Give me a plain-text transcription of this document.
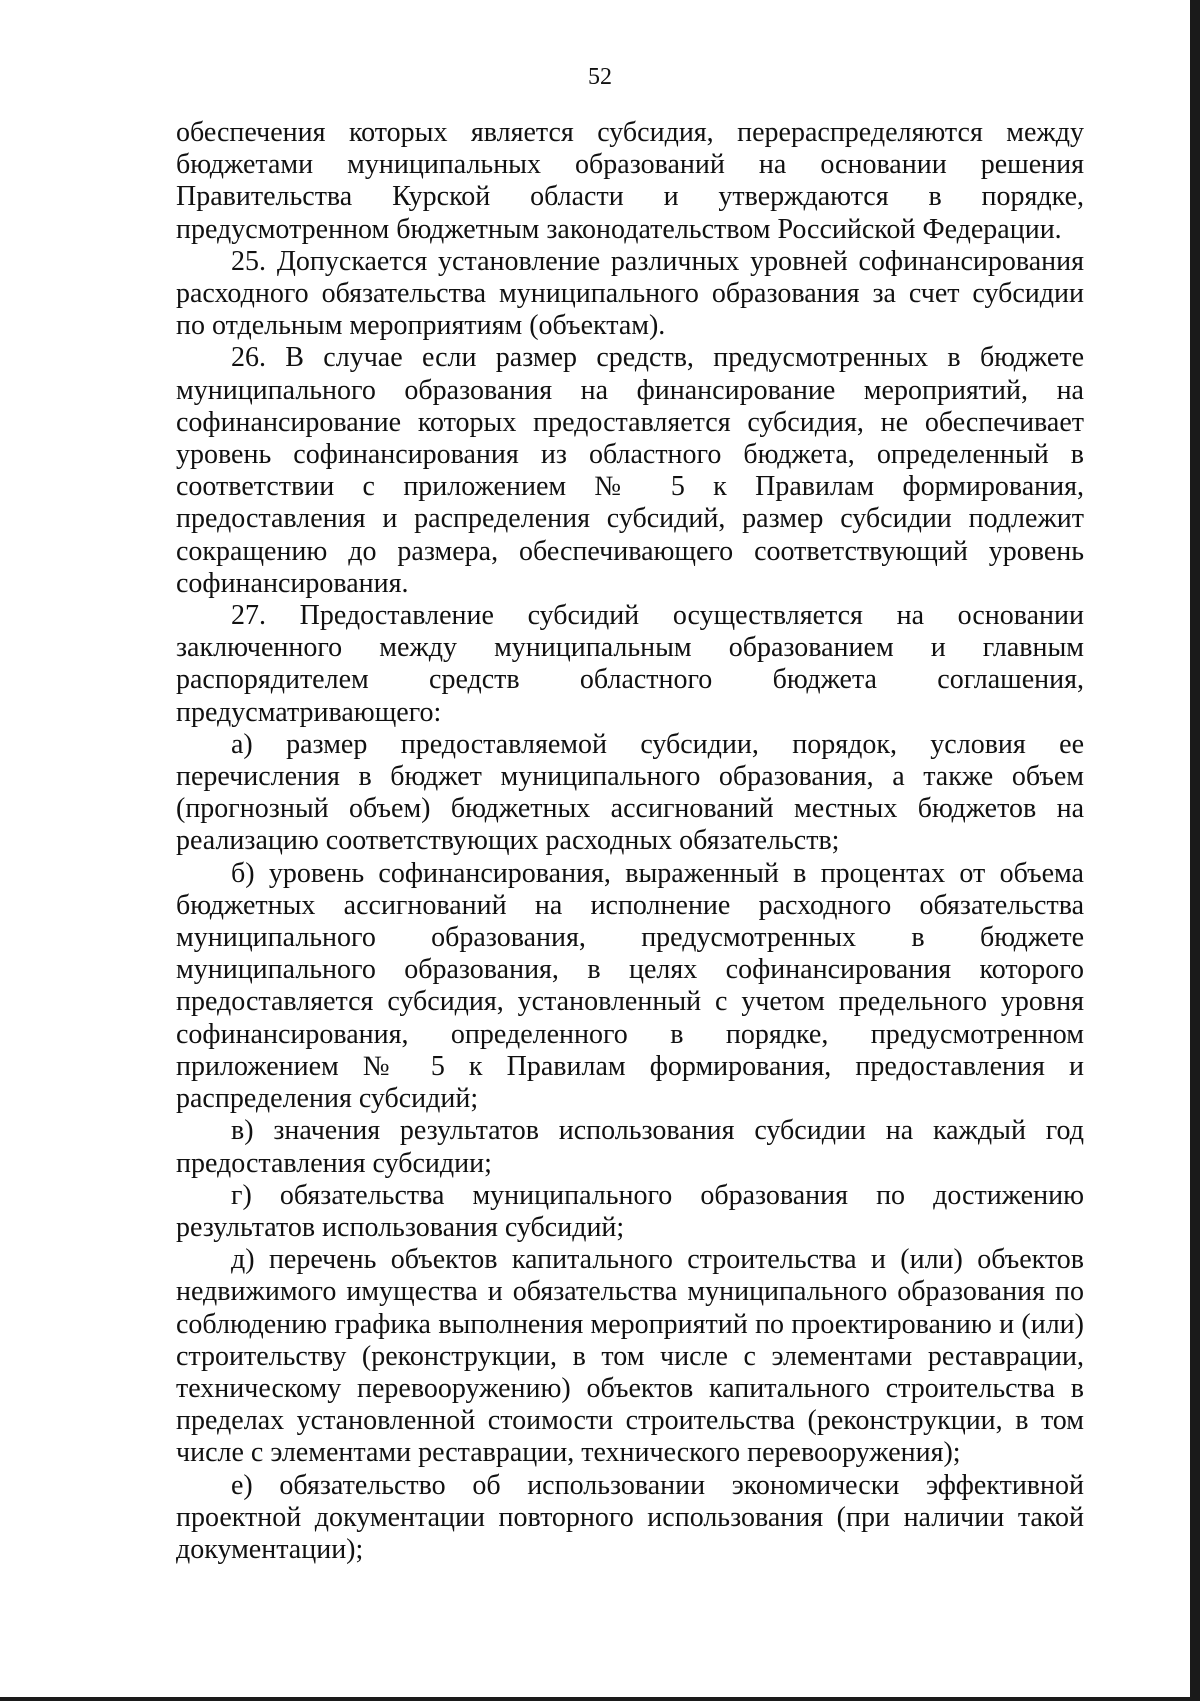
52

обеспечения которых является субсидия, перераспределяются между бюджетами муниципальных образований на основании решения Правительства Курской области и утверждаются в порядке, предусмотренном бюджетным законодательством Российской Федерации.

25. Допускается установление различных уровней софинансирования расходного обязательства муниципального образования за счет субсидии по отдельным мероприятиям (объектам).

26. В случае если размер средств, предусмотренных в бюджете муниципального образования на финансирование мероприятий, на софинансирование которых предоставляется субсидия, не обеспечивает уровень софинансирования из областного бюджета, определенный в соответствии с приложением № 5 к Правилам формирования, предоставления и распределения субсидий, размер субсидии подлежит сокращению до размера, обеспечивающего соответствующий уровень софинансирования.

27. Предоставление субсидий осуществляется на основании заключенного между муниципальным образованием и главным распорядителем средств областного бюджета соглашения, предусматривающего:

а) размер предоставляемой субсидии, порядок, условия ее перечисления в бюджет муниципального образования, а также объем (прогнозный объем) бюджетных ассигнований местных бюджетов на реализацию соответствующих расходных обязательств;

б) уровень софинансирования, выраженный в процентах от объема бюджетных ассигнований на исполнение расходного обязательства муниципального образования, предусмотренных в бюджете муниципального образования, в целях софинансирования которого предоставляется субсидия, установленный с учетом предельного уровня софинансирования, определенного в порядке, предусмотренном приложением № 5 к Правилам формирования, предоставления и распределения субсидий;

в) значения результатов использования субсидии на каждый год предоставления субсидии;

г) обязательства муниципального образования по достижению результатов использования субсидий;

д) перечень объектов капитального строительства и (или) объектов недвижимого имущества и обязательства муниципального образования по соблюдению графика выполнения мероприятий по проектированию и (или) строительству (реконструкции, в том числе с элементами реставрации, техническому перевооружению) объектов капитального строительства в пределах установленной стоимости строительства (реконструкции, в том числе с элементами реставрации, технического перевооружения);

е) обязательство об использовании экономически эффективной проектной документации повторного использования (при наличии такой документации);
